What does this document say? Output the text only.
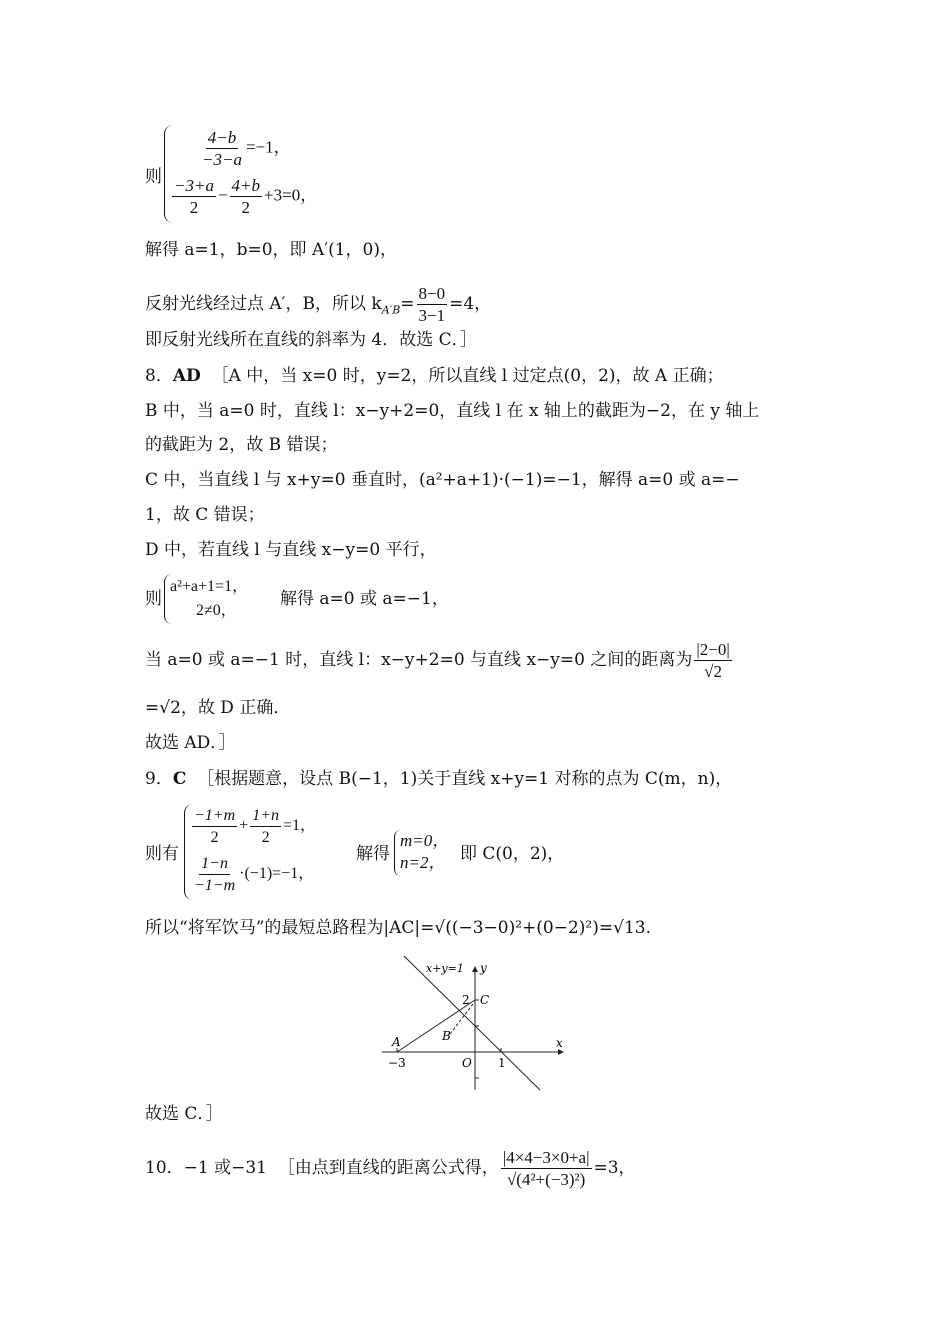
则
$\frac{4-b}{-3-a} =-1$，
$\frac{-3+a}{2} - \frac{4+b}{2} +3=0$，
解得 a=1，b=0，即 A′(1，0)，
反射光线经过点 A′，B，所以 $k_{A'B}= \frac{8-0}{3-1} =4$，
即反射光线所在直线的斜率为 4．故选 C．］
8．AD ［A 中，当 x=0 时，y=2，所以直线 l 过定点(0，2)，故 A 正确；
B 中，当 a=0 时，直线 l：x−y+2=0，直线 l 在 x 轴上的截距为−2，在 y 轴上
的截距为 2，故 B 错误；
C 中，当直线 l 与 x+y=0 垂直时，(a²+a+1)·(−1)=−1，解得 a=0 或 a=−
1，故 C 错误；
D 中，若直线 l 与直线 x−y=0 平行，
则
a²+a+1=1，
2≠0，
解得 a=0 或 a=−1，
当 a=0 或 a=−1 时，直线 l：x−y+2=0 与直线 x−y=0 之间的距离为 $\frac{|2-0|}{√2}$
=√2，故 D 正确．
故选 AD．］
9．C ［根据题意，设点 B(−1，1)关于直线 x+y=1 对称的点为 C(m，n)，
则有
$\frac{-1+m}{2} + \frac{1+n}{2} =1$，
$\frac{1-n}{-1-m} \cdot(-1)=-1$，
解得
m=0，
n=2， 即 C(0，2)，
所以“将军饮马”的最短总路程为|AC|=√((−3−0)²+(0−2)²)=√13.
x+y=1 y
x
2 C
A	B
O
−3	1
故选 C．］
10．−1 或−31 ［由点到直线的距离公式得， $\frac{|4\times 4-3\times 0+a|}{\text{√(4²+(−3)²)}} =3$，
